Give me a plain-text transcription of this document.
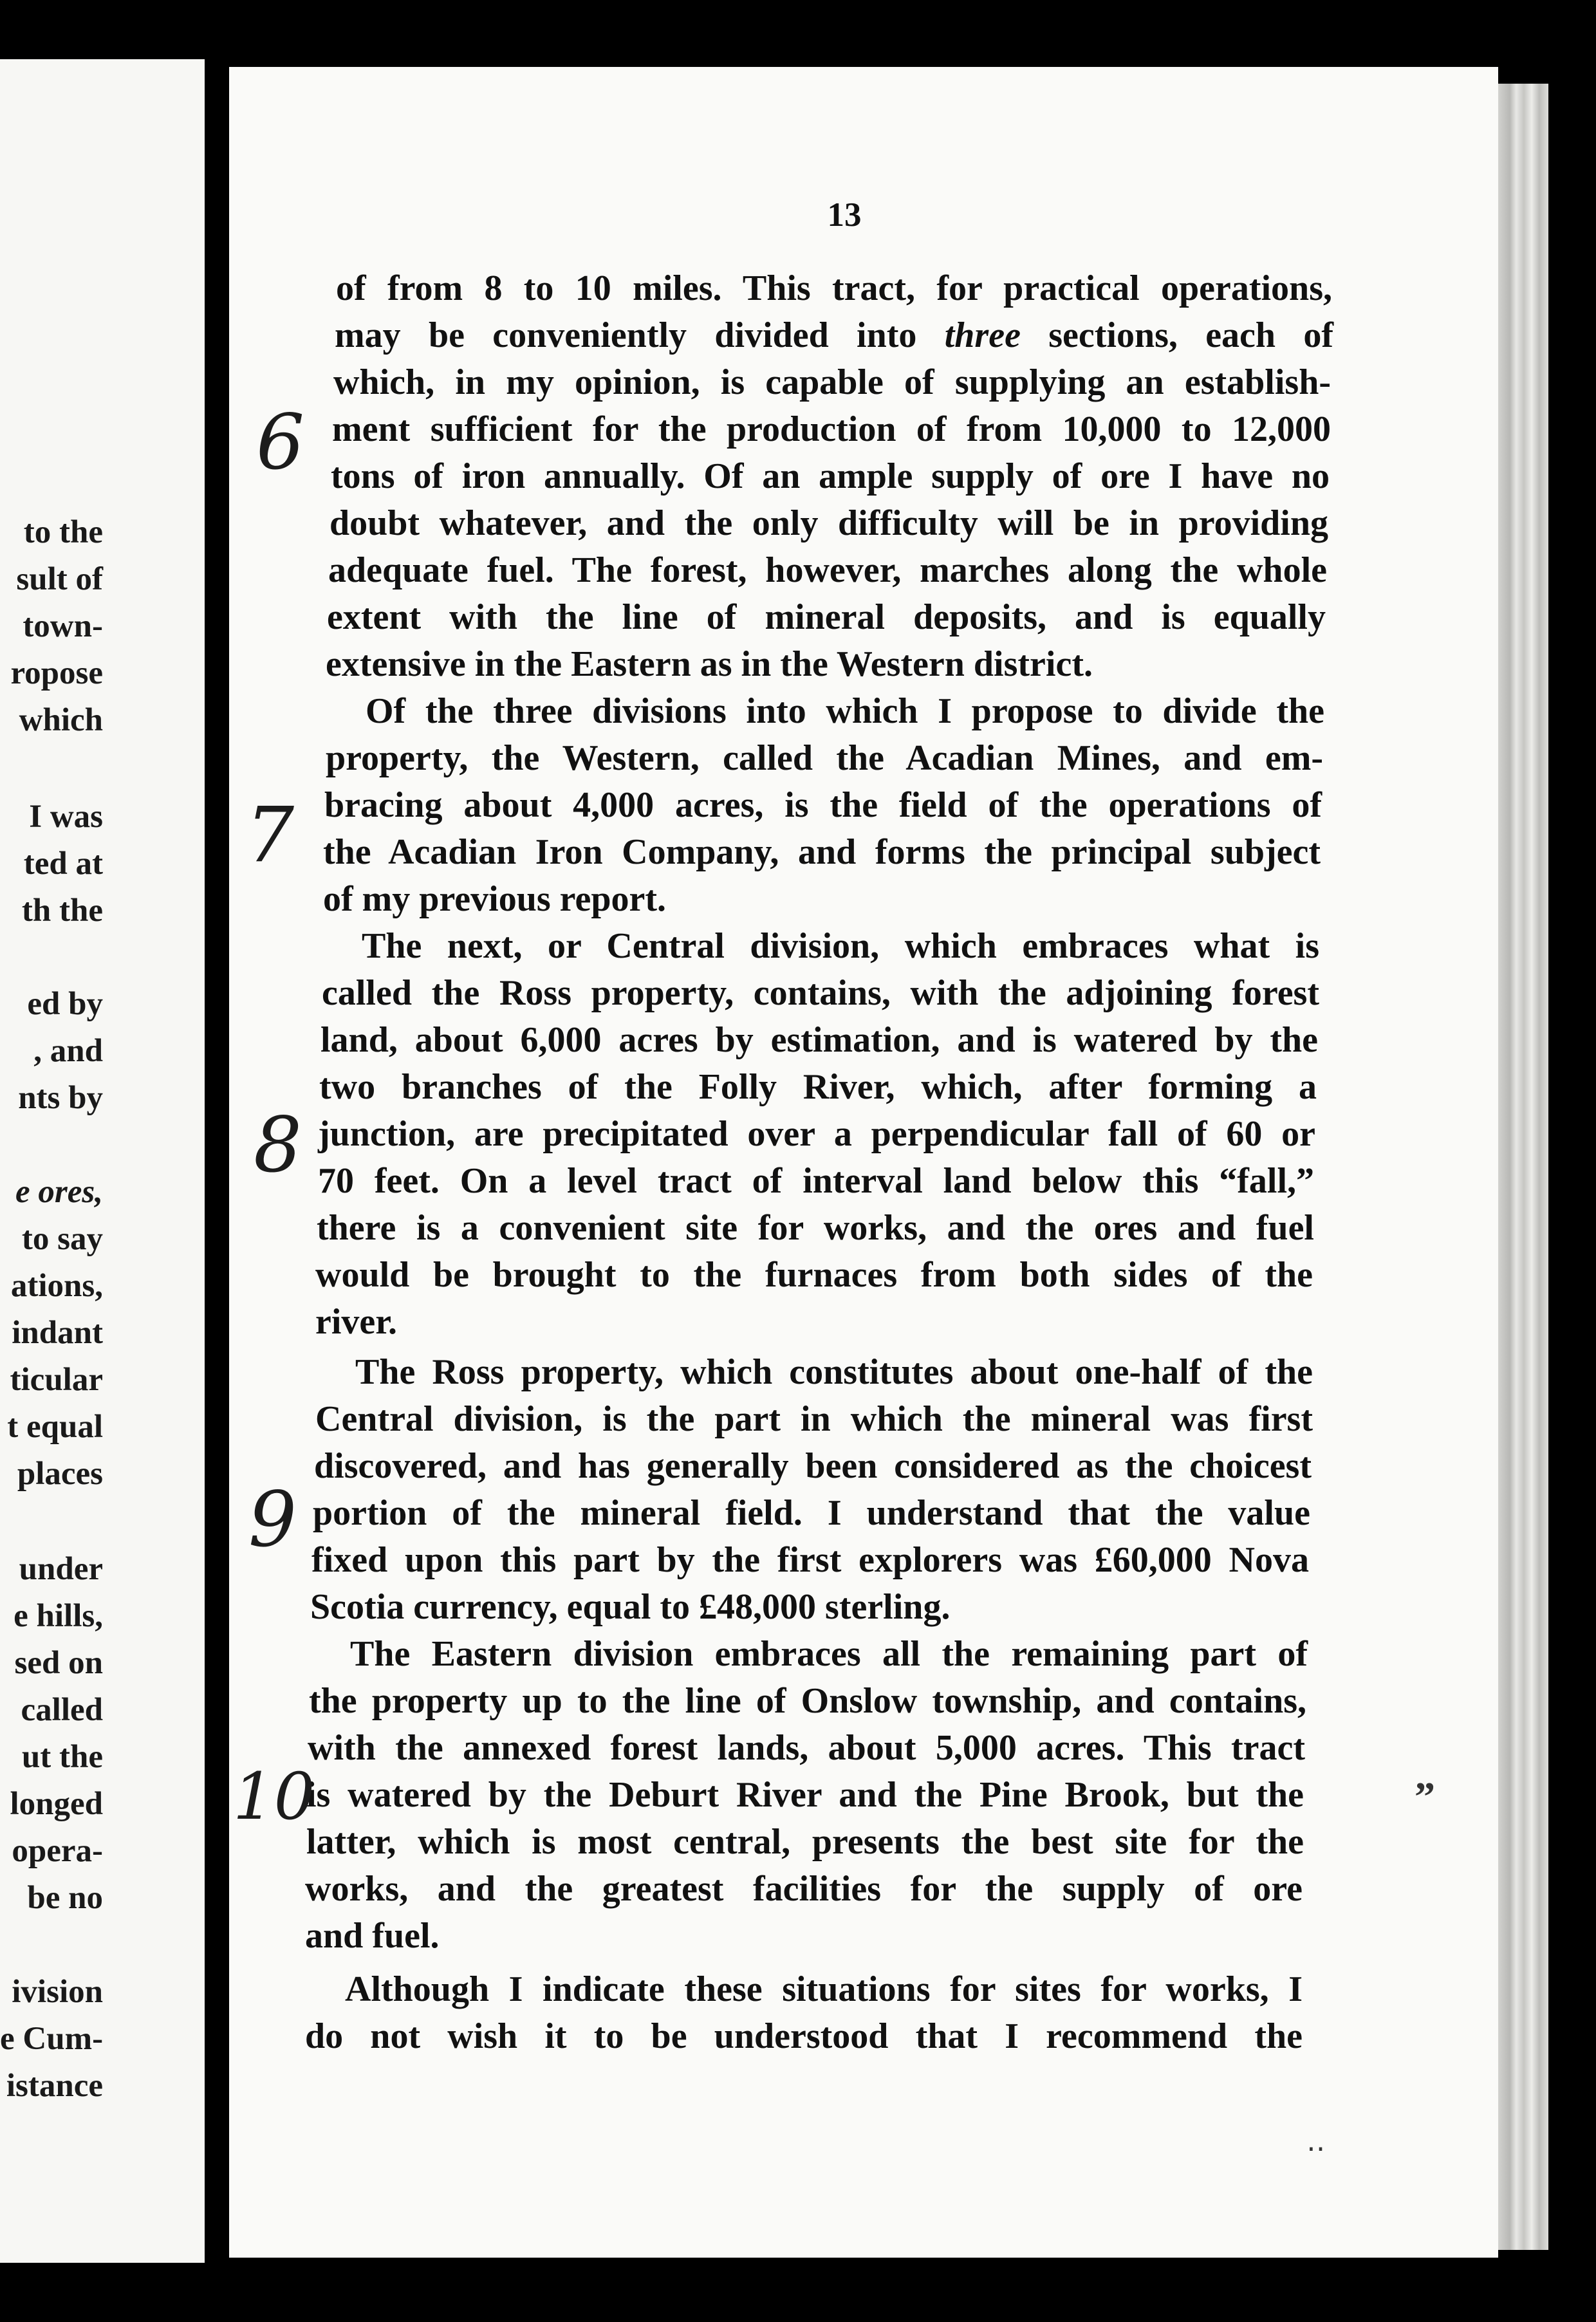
to the
sult of
town-
ropose
which
I was
ted at
th the
ed by
, and
nts by
e ores,
to say
ations,
indant
ticular
t equal
places
under
e hills,
sed on
called
ut the
longed
opera-
be no
ivision
e Cum-
istance
13
of from 8 to 10 miles. This tract, for practical operations,
may be conveniently divided into three sections, each of
which, in my opinion, is capable of supplying an establish-
ment sufficient for the production of from 10,000 to 12,000
tons of iron annually. Of an ample supply of ore I have no
doubt whatever, and the only difficulty will be in providing
adequate fuel. The forest, however, marches along the whole
extent with the line of mineral deposits, and is equally
extensive in the Eastern as in the Western district.
Of the three divisions into which I propose to divide the
property, the Western, called the Acadian Mines, and em-
bracing about 4,000 acres, is the field of the operations of
the Acadian Iron Company, and forms the principal subject
of my previous report.
The next, or Central division, which embraces what is
called the Ross property, contains, with the adjoining forest
land, about 6,000 acres by estimation, and is watered by the
two branches of the Folly River, which, after forming a
junction, are precipitated over a perpendicular fall of 60 or
70 feet. On a level tract of interval land below this “fall,”
there is a convenient site for works, and the ores and fuel
would be brought to the furnaces from both sides of the
river.
The Ross property, which constitutes about one-half of the
Central division, is the part in which the mineral was first
discovered, and has generally been considered as the choicest
portion of the mineral field. I understand that the value
fixed upon this part by the first explorers was £60,000 Nova
Scotia currency, equal to £48,000 sterling.
The Eastern division embraces all the remaining part of
the property up to the line of Onslow township, and contains,
with the annexed forest lands, about 5,000 acres. This tract
is watered by the Deburt River and the Pine Brook, but the
latter, which is most central, presents the best site for the
works, and the greatest facilities for the supply of ore
and fuel.
Although I indicate these situations for sites for works, I
do not wish it to be understood that I recommend the
6
7
8
9
10	”
‥
